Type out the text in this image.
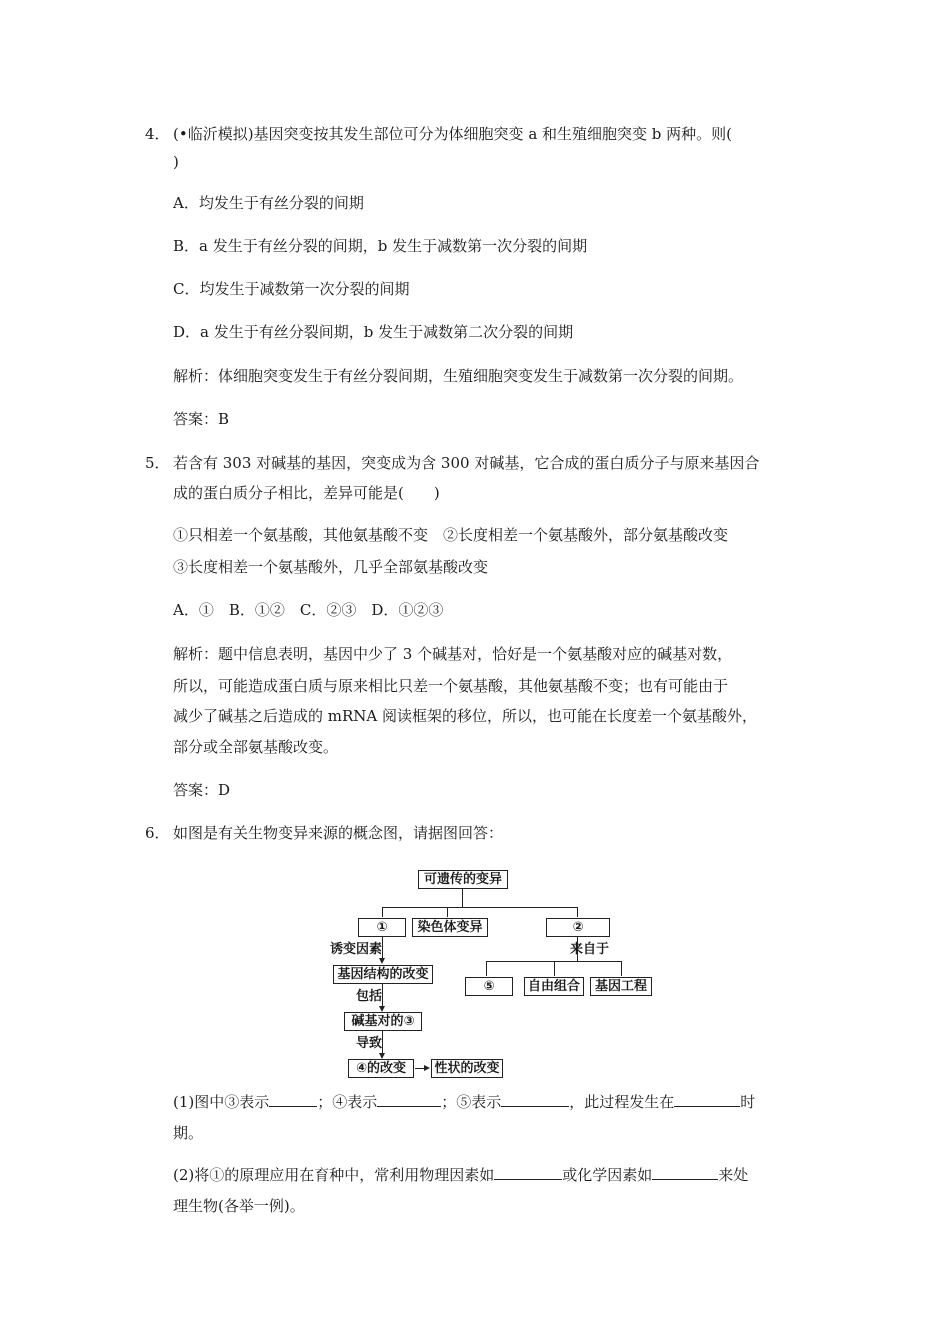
4． (•临沂模拟)基因突变按其发生部位可分为体细胞突变 a 和生殖细胞突变 b 两种。则(
)
A．均发生于有丝分裂的间期
B．a 发生于有丝分裂的间期，b 发生于减数第一次分裂的间期
C．均发生于减数第一次分裂的间期
D．a 发生于有丝分裂间期，b 发生于减数第二次分裂的间期
解析：体细胞突变发生于有丝分裂间期，生殖细胞突变发生于减数第一次分裂的间期。
答案：B
5． 若含有 303 对碱基的基因，突变成为含 300 对碱基，它合成的蛋白质分子与原来基因合
成的蛋白质分子相比，差异可能是(　　)
①只相差一个氨基酸，其他氨基酸不变　②长度相差一个氨基酸外，部分氨基酸改变
③长度相差一个氨基酸外，几乎全部氨基酸改变
A．①　B．①②　C．②③　D．①②③
解析：题中信息表明，基因中少了 3 个碱基对，恰好是一个氨基酸对应的碱基对数，
所以，可能造成蛋白质与原来相比只差一个氨基酸，其他氨基酸不变；也有可能由于
减少了碱基之后造成的 mRNA 阅读框架的移位，所以，也可能在长度差一个氨基酸外，
部分或全部氨基酸改变。
答案：D
6． 如图是有关生物变异来源的概念图，请据图回答：
可遗传的变异
①	染色体变异	②
诱变因素
基因结构的改变
包括
碱基对的③
导致
④的改变	性状的改变
来自于
⑤	自由组合	基因工程
(1)图中③表示	；④表示	；⑤表示	，此过程发生在	时
期。
(2)将①的原理应用在育种中，常利用物理因素如	或化学因素如	来处
理生物(各举一例)。
